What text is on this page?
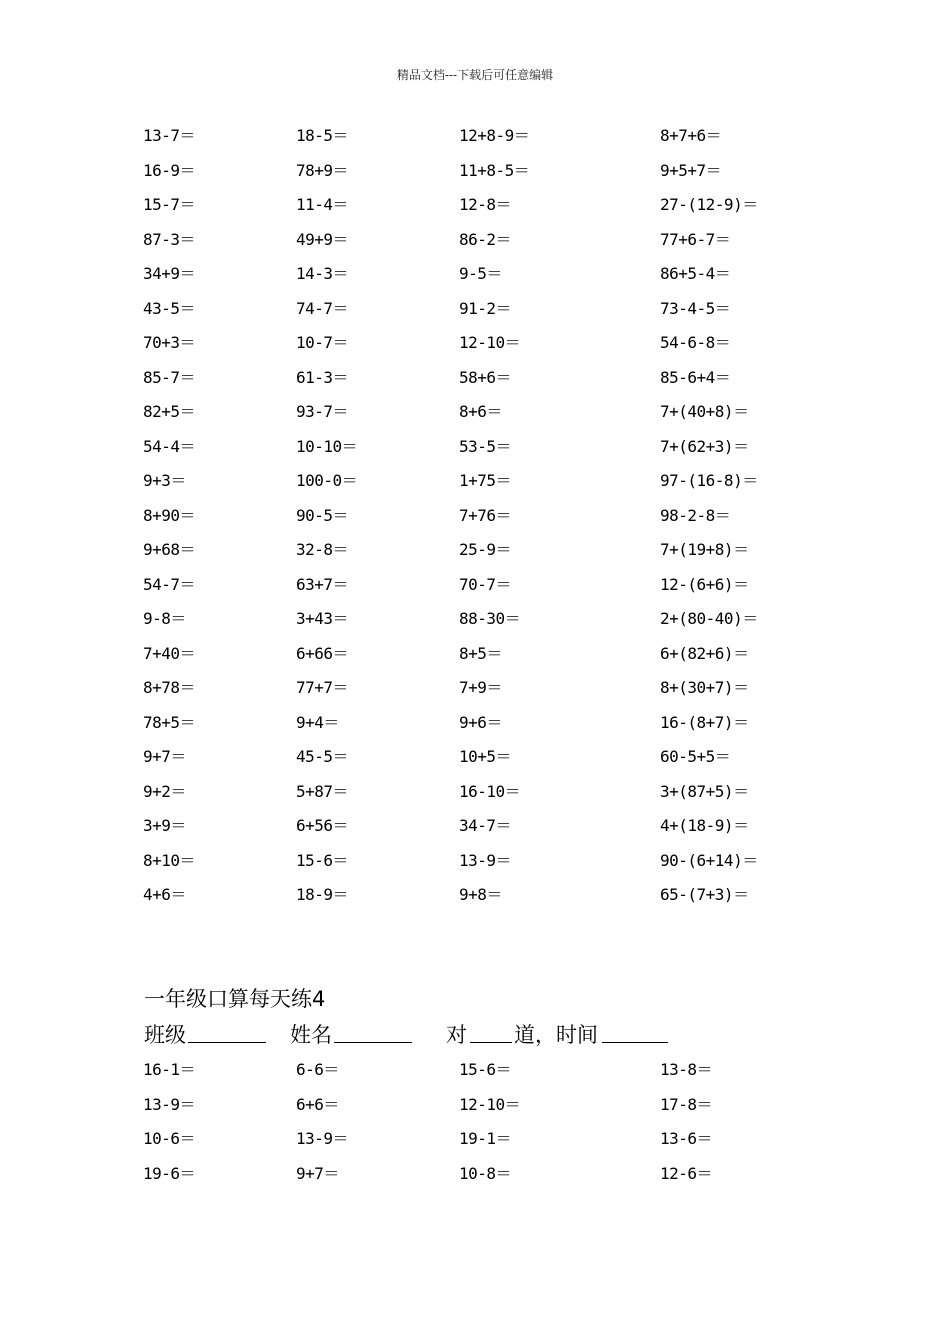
精品文档---下载后可任意编辑
13-7＝	18-5＝	12+8-9＝	8+7+6＝
16-9＝	78+9＝	11+8-5＝	9+5+7＝
15-7＝	11-4＝	12-8＝	27-(12-9)＝
87-3＝	49+9＝	86-2＝	77+6-7＝
34+9＝	14-3＝	9-5＝	86+5-4＝
43-5＝	74-7＝	91-2＝	73-4-5＝
70+3＝	10-7＝	12-10＝	54-6-8＝
85-7＝	61-3＝	58+6＝	85-6+4＝
82+5＝	93-7＝	8+6＝	7+(40+8)＝
54-4＝	10-10＝	53-5＝	7+(62+3)＝
9+3＝	100-0＝	1+75＝	97-(16-8)＝
8+90＝	90-5＝	7+76＝	98-2-8＝
9+68＝	32-8＝	25-9＝	7+(19+8)＝
54-7＝	63+7＝	70-7＝	12-(6+6)＝
9-8＝	3+43＝	88-30＝	2+(80-40)＝
7+40＝	6+66＝	8+5＝	6+(82+6)＝
8+78＝	77+7＝	7+9＝	8+(30+7)＝
78+5＝	9+4＝	9+6＝	16-(8+7)＝
9+7＝	45-5＝	10+5＝	60-5+5＝
9+2＝	5+87＝	16-10＝	3+(87+5)＝
3+9＝	6+56＝	34-7＝	4+(18-9)＝
8+10＝	15-6＝	13-9＝	90-(6+14)＝
4+6＝	18-9＝	9+8＝	65-(7+3)＝
一年级口算每天练4
班级	姓名	对 道，时间
16-1＝	6-6＝	15-6＝	13-8＝
13-9＝	6+6＝	12-10＝	17-8＝
10-6＝	13-9＝	19-1＝	13-6＝
19-6＝	9+7＝	10-8＝	12-6＝
